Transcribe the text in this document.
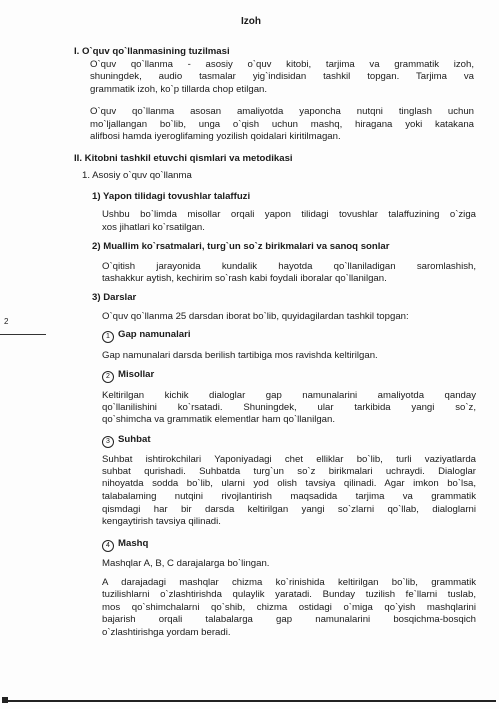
Izoh
I. O`quv qo`llanmasining tuzilmasi
O`quv qo`llanma - asosiy o`quv kitobi, tarjima va grammatik izoh,
shuningdek, audio tasmalar yig`indisidan tashkil topgan. Tarjima va
grammatik izoh, ko`p tillarda chop etilgan.
O`quv qo`llanma asosan amaliyotda yaponcha nutqni tinglash uchun
mo`ljallangan bo`lib, unga o`qish uchun mashq, hiragana yoki katakana
alifbosi hamda iyeroglifaming yozilish qoidalari kiritilmagan.
II. Kitobni tashkil etuvchi qismlari va metodikasi
1. Asosiy o`quv qo`llanma
1) Yapon tilidagi tovushlar talaffuzi
Ushbu bo`limda misollar orqali yapon tilidagi tovushlar talaffuzining o`ziga
xos jihatlari ko`rsatilgan.
2) Muallim ko`rsatmalari, turg`un so`z birikmalari va sanoq sonlar
O`qitish jarayonida kundalik hayotda qo`llaniladigan saromlashish,
tashakkur aytish, kechirim so`rash kabi foydali iboralar qo`llanilgan.
3) Darslar
O`quv qo`llanma 25 darsdan iborat bo`lib, quyidagilardan tashkil topgan:
1 Gap namunalari
Gap namunalari darsda berilish tartibiga mos ravishda keltirilgan.
2 Misollar
Keltirilgan kichik dialoglar gap namunalarini amaliyotda qanday
qo`llanilishini ko`rsatadi. Shuningdek, ular tarkibida yangi so`z,
qo`shimcha va grammatik elementlar ham qo`llanilgan.
3 Suhbat
Suhbat ishtirokchilari Yaponiyadagi chet elliklar bo`lib, turli vaziyatlarda
suhbat qurishadi. Suhbatda turg`un so`z birikmalari uchraydi. Dialoglar
nihoyatda sodda bo`lib, ularni yod olish tavsiya qilinadi. Agar imkon bo`lsa,
talabalaming nutqini rivojlantirish maqsadida tarjima va grammatik
qismdagi har bir darsda keltirilgan yangi so`zlarni qo`llab, dialoglarni
kengaytirish tavsiya qilinadi.
4 Mashq
Mashqlar A, B, C darajalarga bo`lingan.
A darajadagi mashqlar chizma ko`rinishida keltirilgan bo`lib, grammatik
tuzilishlarni o`zlashtirishda qulaylik yaratadi. Bunday tuzilish fe`llarni tuslab,
mos qo`shimchalarni qo`shib, chizma ostidagi o`miga qo`yish mashqlarini
bajarish orqali talabalarga gap namunalarini bosqichma-bosqich
o`zlashtirishga yordam beradi.
2
